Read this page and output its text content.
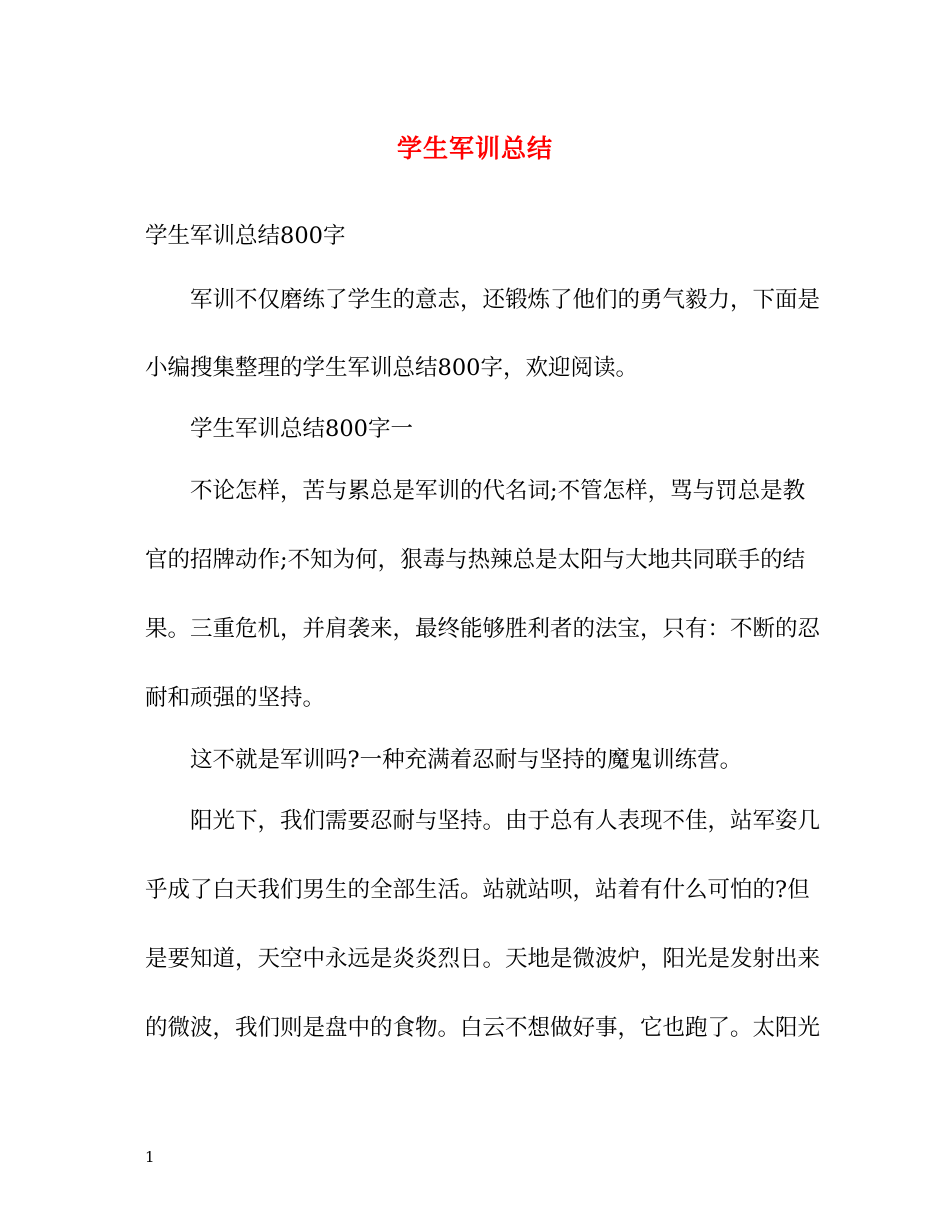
学生军训总结

学生军训总结800字

军训不仅磨练了学生的意志，还锻炼了他们的勇气毅力，下面是

小编搜集整理的学生军训总结800字，欢迎阅读。

学生军训总结800字一

不论怎样，苦与累总是军训的代名词;不管怎样，骂与罚总是教

官的招牌动作;不知为何，狠毒与热辣总是太阳与大地共同联手的结

果。三重危机，并肩袭来，最终能够胜利者的法宝，只有：不断的忍

耐和顽强的坚持。

这不就是军训吗?一种充满着忍耐与坚持的魔鬼训练营。

阳光下，我们需要忍耐与坚持。由于总有人表现不佳，站军姿几

乎成了白天我们男生的全部生活。站就站呗，站着有什么可怕的?但

是要知道，天空中永远是炎炎烈日。天地是微波炉，阳光是发射出来

的微波，我们则是盘中的食物。白云不想做好事，它也跑了。太阳光

1
